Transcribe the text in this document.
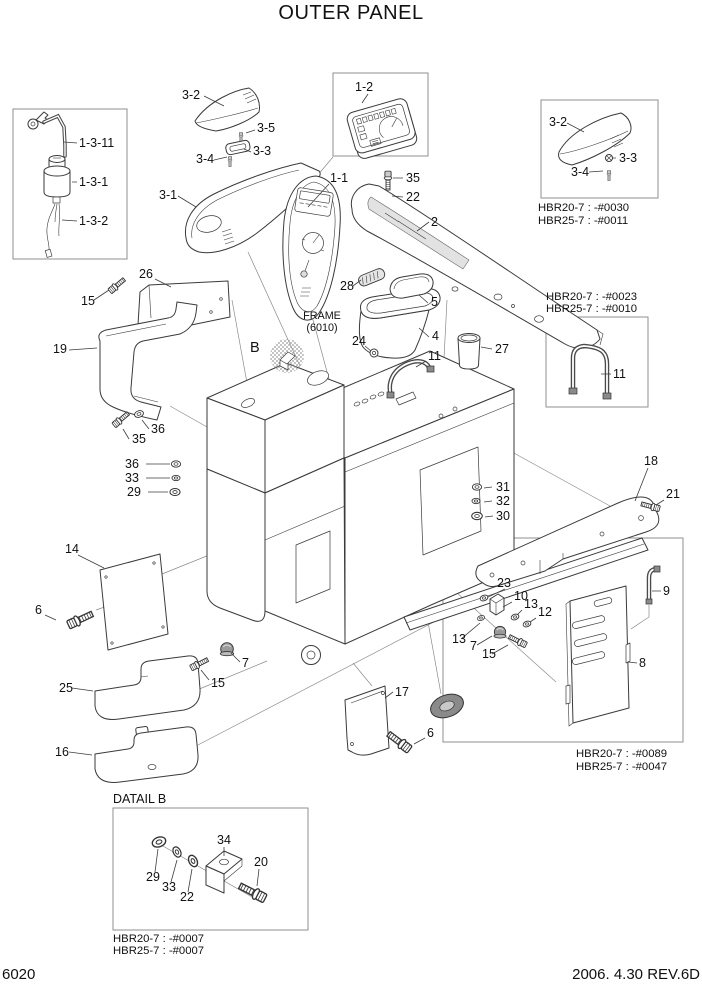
OUTER PANEL
HBR20-7 : -#0030
HBR25-7 : -#0011
HBR20-7 : -#0023
HBR25-7 : -#0010
HBR20-7 : -#0089
HBR25-7 : -#0047
HBR20-7 : -#0007
HBR25-7 : -#0007
DATAIL B
FRAME
(6010)
1-3-11
1-3-1
1-3-2
3-2
3-5
3-3
3-4
3-1
1-2
1-1	35
22
2
3-2
3-3
3-4
28
5
4
24
11	27
B
26
15
19
36
35
36
33
29
11
18
21
31
32
30
14
6
23
10
13
12
13 7
15
9
8
25
7
15
16
17
6
34
20
29
33
22
6020	2006. 4.30 REV.6D
